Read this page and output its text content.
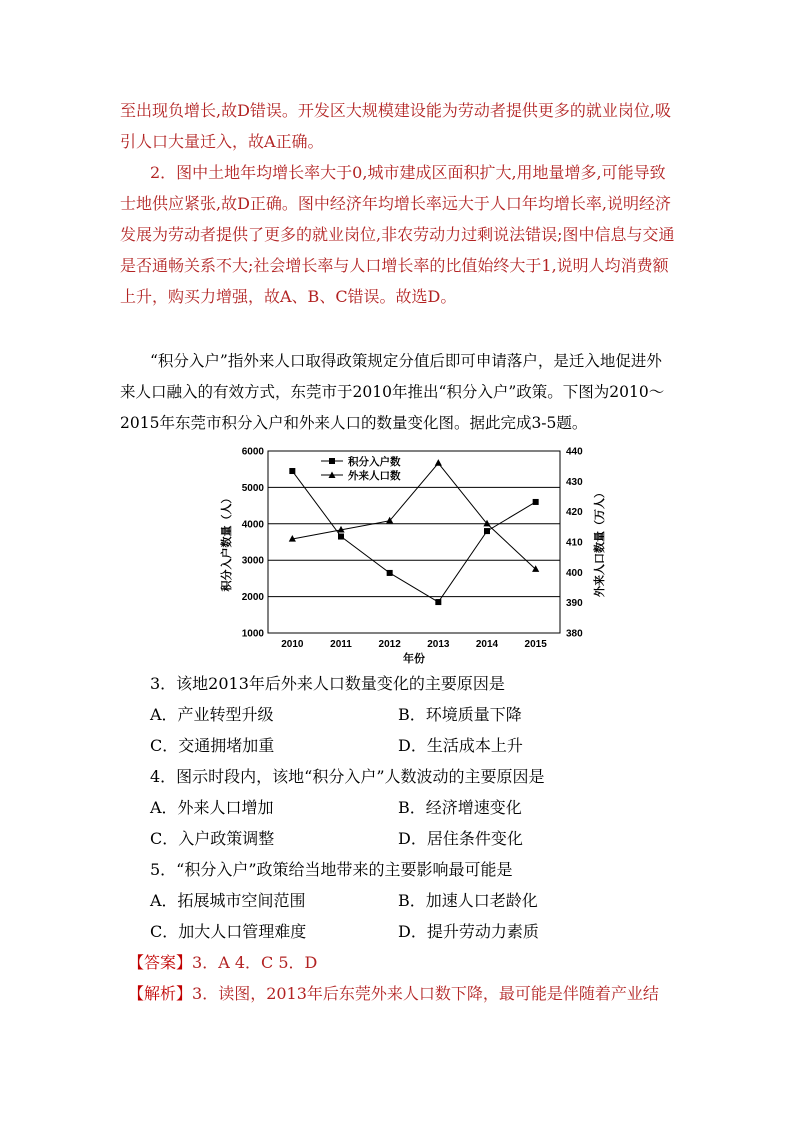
至出现负增长,故D错误。开发区大规模建设能为劳动者提供更多的就业岗位,吸
引人口大量迁入，故A正确。
2．图中土地年均增长率大于0,城市建成区面积扩大,用地量增多,可能导致
士地供应紧张,故D正确。图中经济年均增长率远大于人口年均增长率,说明经济
发展为劳动者提供了更多的就业岗位,非农劳动力过剩说法错误;图中信息与交通
是否通畅关系不大;社会增长率与人口增长率的比值始终大于1,说明人均消费额
上升，购买力增强，故A、B、C错误。故选D。
“积分入户”指外来人口取得政策规定分值后即可申请落户，是迁入地促进外
来人口融入的有效方式，东莞市于2010年推出“积分入户”政策。下图为2010～
2015年东莞市积分入户和外来人口的数量变化图。据此完成3-5题。
1000
2000
3000
4000
5000
6000
380
390
400
410
420
430
440
2010	2011	2012	2013	2014	2015
积分入户数
外来人口数
年份
积分入户数量（人）	外来人口数量（万人）
3．该地2013年后外来人口数量变化的主要原因是
A．产业转型升级	B．环境质量下降
C．交通拥堵加重	D．生活成本上升
4．图示时段内，该地“积分入户”人数波动的主要原因是
A．外来人口增加	B．经济增速变化
C．入户政策调整	D．居住条件变化
5．“积分入户”政策给当地带来的主要影响最可能是
A．拓展城市空间范围	B．加速人口老龄化
C．加大人口管理难度	D．提升劳动力素质
【答案】3．A 4．C 5．D
【解析】3．读图，2013年后东莞外来人口数下降，最可能是伴随着产业结
